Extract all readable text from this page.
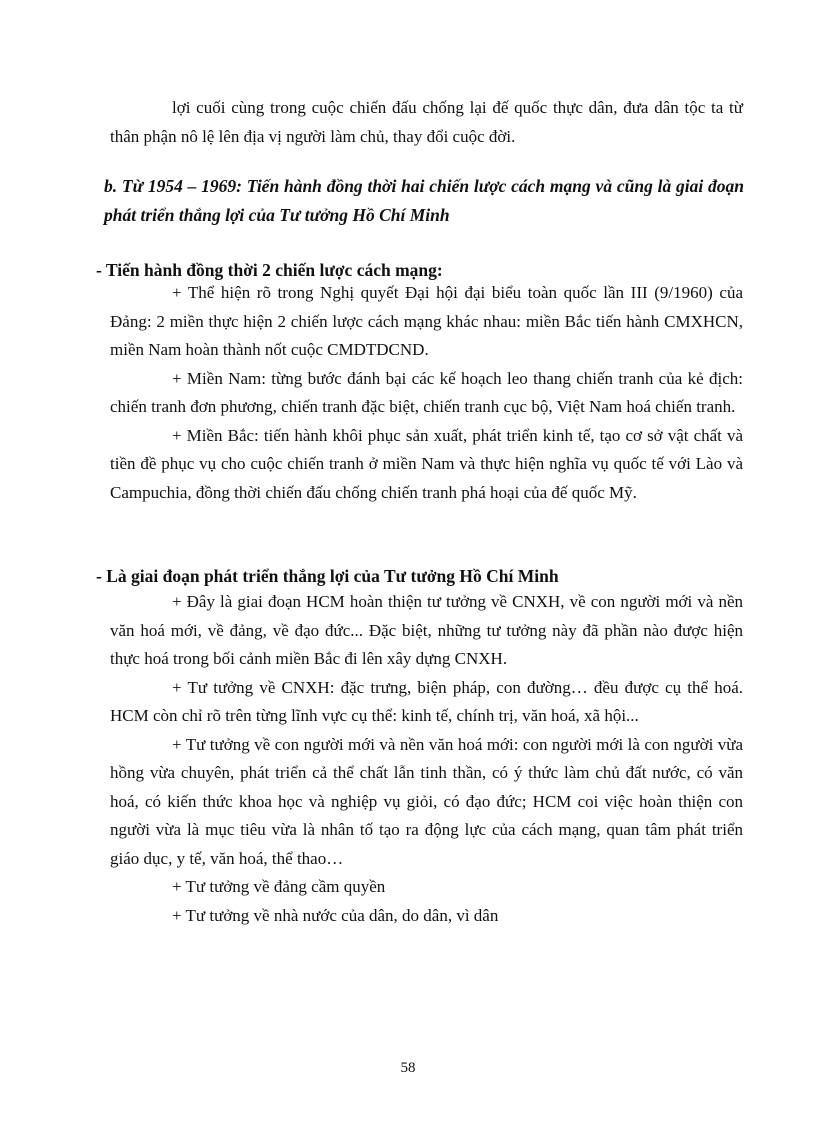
lợi cuối cùng trong cuộc chiến đấu chống lại đế quốc thực dân, đưa dân tộc ta từ thân phận nô lệ lên địa vị người làm chủ, thay đổi cuộc đời.

b. Từ 1954 – 1969: Tiến hành đồng thời hai chiến lược cách mạng và cũng là giai đoạn phát triển thắng lợi của Tư tưởng Hồ Chí Minh

- Tiến hành đồng thời 2 chiến lược cách mạng:

+ Thể hiện rõ trong Nghị quyết Đại hội đại biểu toàn quốc lần III (9/1960) của Đảng: 2 miền thực hiện 2 chiến lược cách mạng khác nhau: miền Bắc tiến hành CMXHCN, miền Nam hoàn thành nốt cuộc CMDTDCND.

+ Miền Nam: từng bước đánh bại các kế hoạch leo thang chiến tranh của kẻ địch: chiến tranh đơn phương, chiến tranh đặc biệt, chiến tranh cục bộ, Việt Nam hoá chiến tranh.

+ Miền Bắc: tiến hành khôi phục sản xuất, phát triển kinh tế, tạo cơ sở vật chất và tiền đề phục vụ cho cuộc chiến tranh ở miền Nam và thực hiện nghĩa vụ quốc tế với Lào và Campuchia, đồng thời chiến đấu chống chiến tranh phá hoại của đế quốc Mỹ.

- Là giai đoạn phát triển thắng lợi của Tư tưởng Hồ Chí Minh

+ Đây là giai đoạn HCM hoàn thiện tư tưởng về CNXH, về con người mới và nền văn hoá mới, về đảng, về đạo đức... Đặc biệt, những tư tưởng này đã phần nào được hiện thực hoá trong bối cảnh miền Bắc đi lên xây dựng CNXH.

+ Tư tưởng về CNXH: đặc trưng, biện pháp, con đường… đều được cụ thể hoá. HCM còn chỉ rõ trên từng lĩnh vực cụ thể: kinh tế, chính trị, văn hoá, xã hội...

+ Tư tưởng về con người mới và nền văn hoá mới: con người mới là con người vừa hồng vừa chuyên, phát triển cả thể chất lẫn tinh thần, có ý thức làm chủ đất nước, có văn hoá, có kiến thức khoa học và nghiệp vụ giỏi, có đạo đức; HCM coi việc hoàn thiện con người vừa là mục tiêu vừa là nhân tố tạo ra động lực của cách mạng, quan tâm phát triển giáo dục, y tế, văn hoá, thể thao…

+ Tư tưởng về đảng cầm quyền

+ Tư tưởng về nhà nước của dân, do dân, vì dân

58
